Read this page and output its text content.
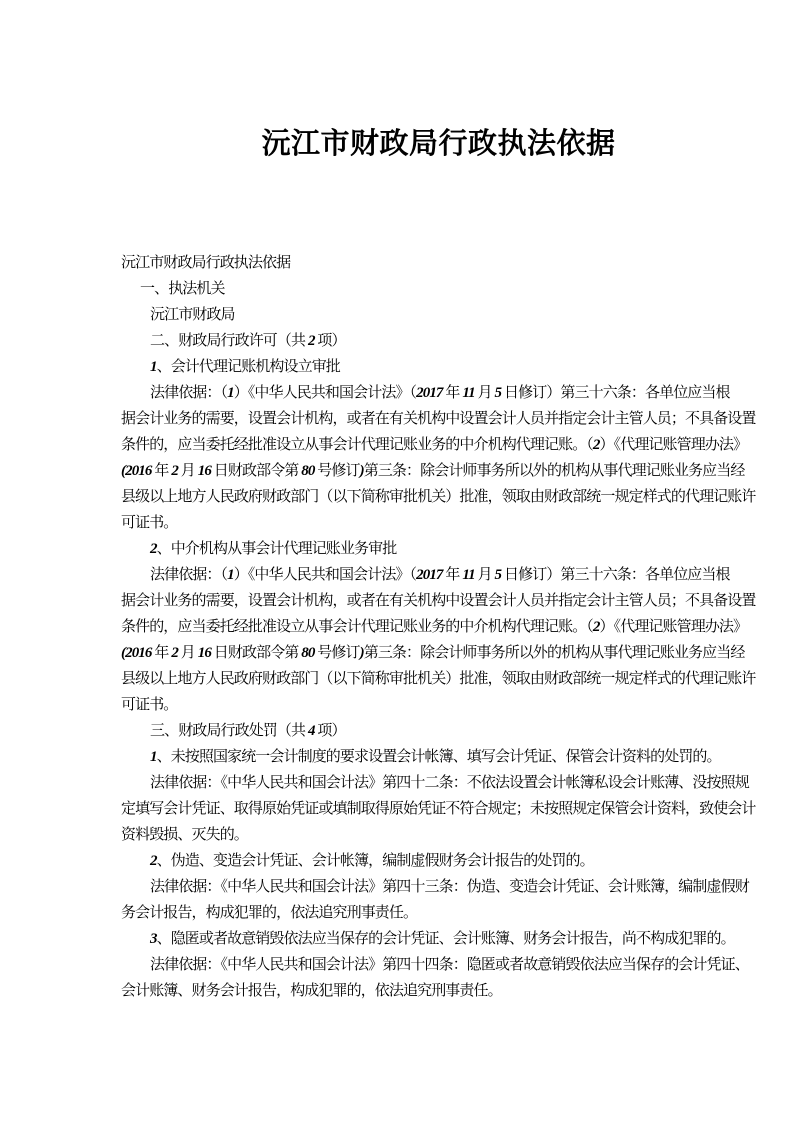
沅江市财政局行政执法依据
沅江市财政局行政执法依据
一、执法机关
沅江市财政局
二、财政局行政许可（共 2 项）
1、会计代理记账机构设立审批
法律依据：（1）《中华人民共和国会计法》（2017 年 11 月 5 日修订）第三十六条：各单位应当根
据会计业务的需要，设置会计机构，或者在有关机构中设置会计人员并指定会计主管人员；不具备设置
条件的，应当委托经批准设立从事会计代理记账业务的中介机构代理记账。（2）《代理记账管理办法》
(2016 年 2 月 16 日财政部令第 80 号修订)第三条：除会计师事务所以外的机构从事代理记账业务应当经
县级以上地方人民政府财政部门（以下简称审批机关）批准，领取由财政部统一规定样式的代理记账许
可证书。
2、中介机构从事会计代理记账业务审批
法律依据：（1）《中华人民共和国会计法》（2017 年 11 月 5 日修订）第三十六条：各单位应当根
据会计业务的需要，设置会计机构，或者在有关机构中设置会计人员并指定会计主管人员；不具备设置
条件的，应当委托经批准设立从事会计代理记账业务的中介机构代理记账。（2）《代理记账管理办法》
(2016 年 2 月 16 日财政部令第 80 号修订)第三条：除会计师事务所以外的机构从事代理记账业务应当经
县级以上地方人民政府财政部门（以下简称审批机关）批准，领取由财政部统一规定样式的代理记账许
可证书。
三、财政局行政处罚（共 4 项）
1、未按照国家统一会计制度的要求设置会计帐簿、填写会计凭证、保管会计资料的处罚的。
法律依据：《中华人民共和国会计法》第四十二条：不依法设置会计帐簿私设会计账薄、没按照规
定填写会计凭证、取得原始凭证或填制取得原始凭证不符合规定；未按照规定保管会计资料，致使会计
资料毁损、灭失的。
2、伪造、变造会计凭证、会计帐簿，编制虚假财务会计报告的处罚的。
法律依据：《中华人民共和国会计法》第四十三条：伪造、变造会计凭证、会计账簿，编制虚假财
务会计报告，构成犯罪的，依法追究刑事责任。
3、隐匿或者故意销毁依法应当保存的会计凭证、会计账簿、财务会计报告，尚不构成犯罪的。
法律依据：《中华人民共和国会计法》第四十四条：隐匿或者故意销毁依法应当保存的会计凭证、
会计账簿、财务会计报告，构成犯罪的，依法追究刑事责任。
